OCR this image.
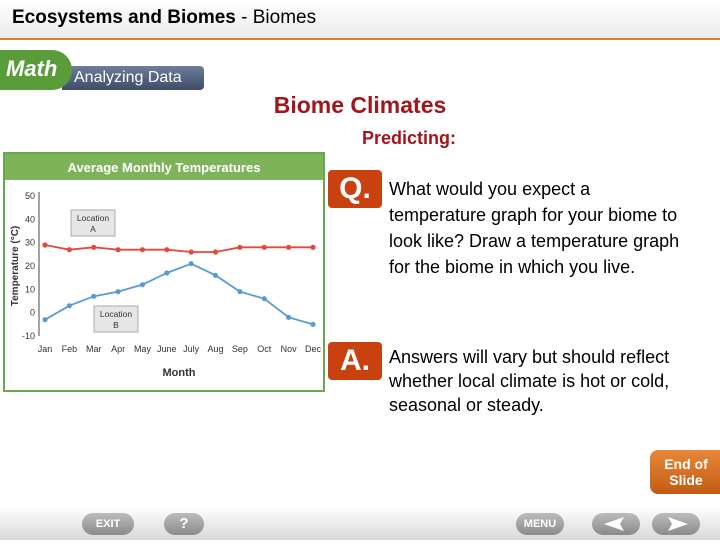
Ecosystems and Biomes - Biomes
Analyzing Data
Math
Biome Climates
Predicting:
Average Monthly Temperatures
-10
0
10
20
30
40
50
Jan Feb Mar Apr May June July Aug Sep Oct Nov Dec
Month
Temperature (°C)
Location
A
Location
B
Q.	What would you expect a temperature graph for your biome to look like? Draw a temperature graph for the biome in which you live.
A.	Answers will vary but should reflect whether local climate is hot or cold, seasonal or steady.
End of
Slide
EXIT	?	MENU
